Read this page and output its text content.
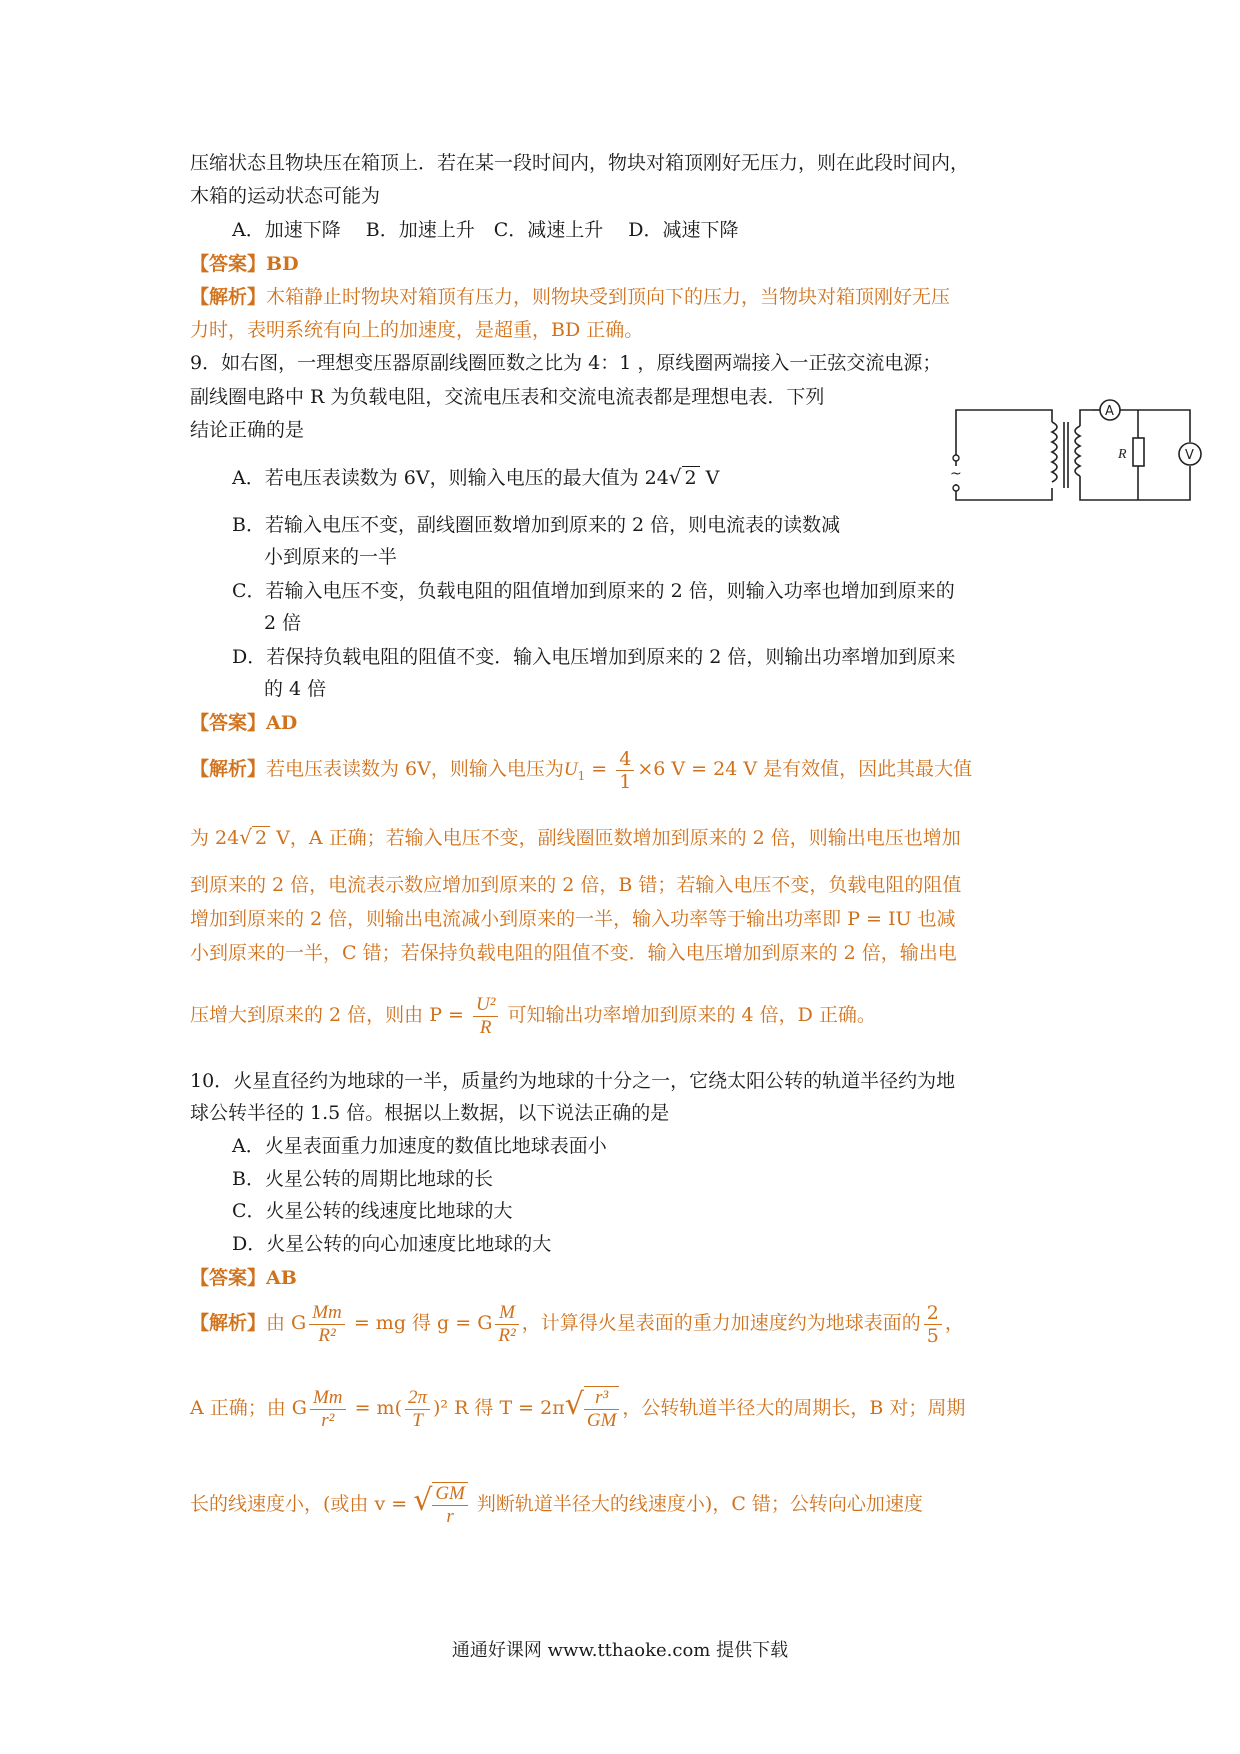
压缩状态且物块压在箱顶上．若在某一段时间内，物块对箱顶刚好无压力，则在此段时间内，
木箱的运动状态可能为
A．加速下降　 B．加速上升　C．减速上升　 D．减速下降
【答案】BD
【解析】木箱静止时物块对箱顶有压力，则物块受到顶向下的压力，当物块对箱顶刚好无压
力时，表明系统有向上的加速度，是超重，BD 正确。
9．如右图，一理想变压器原副线圈匝数之比为 4：1 ，原线圈两端接入一正弦交流电源；
副线圈电路中 R 为负载电阻，交流电压表和交流电流表都是理想电表．下列
结论正确的是
~
A
V
R
A．若电压表读数为 6V，则输入电压的最大值为 24√ 2 V
B．若输入电压不变，副线圈匝数增加到原来的 2 倍，则电流表的读数减
小到原来的一半
C．若输入电压不变，负载电阻的阻值增加到原来的 2 倍，则输入功率也增加到原来的
2 倍
D．若保持负载电阻的阻值不变．输入电压增加到原来的 2 倍，则输出功率增加到原来
的 4 倍
【答案】AD
【解析】若电压表读数为 6V，则输入电压为$U_1 = \frac{4}{1} \times 6$ V = 24 V 是有效值，因此其最大值
为 24√ 2 V，A 正确；若输入电压不变，副线圈匝数增加到原来的 2 倍，则输出电压也增加
到原来的 2 倍，电流表示数应增加到原来的 2 倍，B 错；若输入电压不变，负载电阻的阻值
增加到原来的 2 倍，则输出电流减小到原来的一半，输入功率等于输出功率即 P = IU 也减
小到原来的一半，C 错；若保持负载电阻的阻值不变．输入电压增加到原来的 2 倍，输出电
压增大到原来的 2 倍，则由 $P = \frac{\text{U²}}{R}$ 可知输出功率增加到原来的 4 倍，D 正确。
10．火星直径约为地球的一半，质量约为地球的十分之一，它绕太阳公转的轨道半径约为地
球公转半径的 1.5 倍。根据以上数据，以下说法正确的是
A．火星表面重力加速度的数值比地球表面小
B．火星公转的周期比地球的长
C．火星公转的线速度比地球的大
D．火星公转的向心加速度比地球的大
【答案】AB
【解析】由 G $\frac{Mm}{\text{R²}}$ = mg 得 g = G $\frac{M}{\text{R²}}$ ，计算得火星表面的重力加速度约为地球表面的 $\frac{2}{5}$ ，
A 正确；由 G $\frac{Mm}{\text{r²}} = m( \frac{2\pi}{T} )^2$ R 得 $T = 2\pi√ \frac{\text{r³}}{GM}$ ，公转轨道半径大的周期长，B 对；周期
长的线速度小，(或由 v = √ $\frac{GM}{r}$ 判断轨道半径大的线速度小)，C 错；公转向心加速度
通通好课网 www.tthaoke.com 提供下载
